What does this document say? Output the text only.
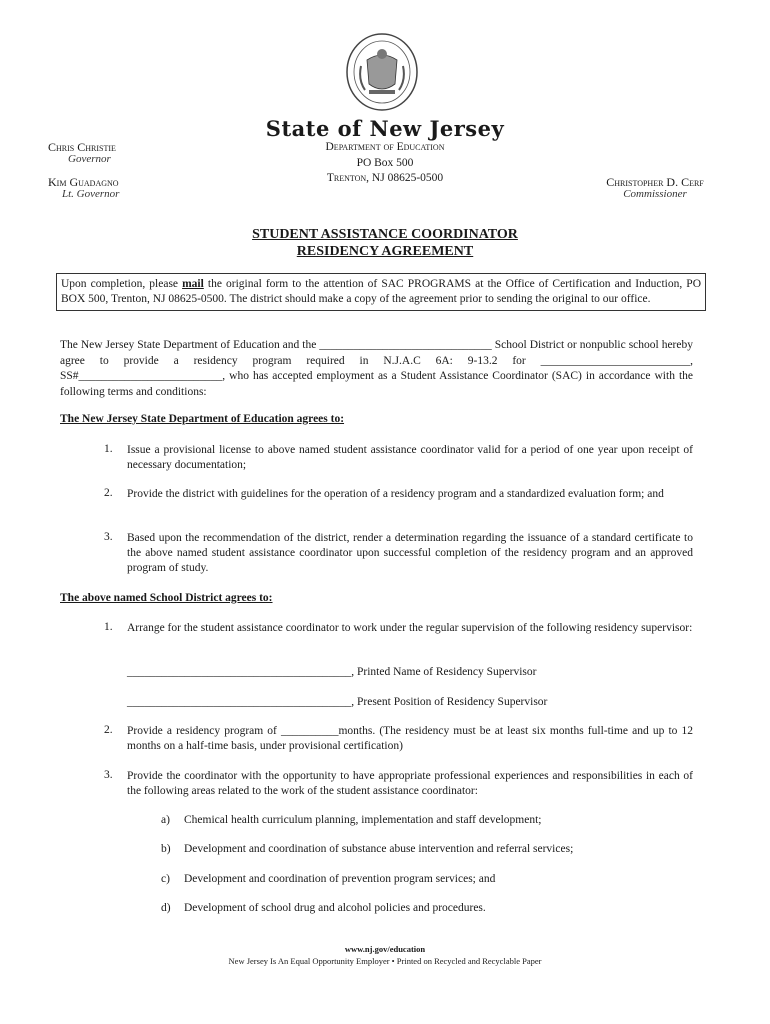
State of New Jersey
Chris Christie
Governor
Kim Guadagno
Lt. Governor
Department of Education
PO Box 500
Trenton, NJ 08625-0500	Christopher D. Cerf
Commissioner
STUDENT ASSISTANCE COORDINATOR
RESIDENCY AGREEMENT
Upon completion, please mail the original form to the attention of SAC PROGRAMS at the Office of Certification and Induction, PO BOX 500, Trenton, NJ 08625-0500. The district should make a copy of the agreement prior to sending the original to our office.
The New Jersey State Department of Education and the ______________________________ School District or nonpublic school hereby agree to provide a residency program required in N.J.A.C 6A: 9-13.2 for __________________________, SS#_________________________, who has accepted employment as a Student Assistance Coordinator (SAC) in accordance with the following terms and conditions:
The New Jersey State Department of Education agrees to:
1. Issue a provisional license to above named student assistance coordinator valid for a period of one year upon receipt of necessary documentation;
2. Provide the district with guidelines for the operation of a residency program and a standardized evaluation form; and
3. Based upon the recommendation of the district, render a determination regarding the issuance of a standard certificate to the above named student assistance coordinator upon successful completion of the residency program and an approved program of study.
The above named School District agrees to:
1. Arrange for the student assistance coordinator to work under the regular supervision of the following residency supervisor:
_______________________________________, Printed Name of Residency Supervisor
_______________________________________, Present Position of Residency Supervisor
2. Provide a residency program of __________months. (The residency must be at least six months full-time and up to 12 months on a half-time basis, under provisional certification)
3. Provide the coordinator with the opportunity to have appropriate professional experiences and responsibilities in each of the following areas related to the work of the student assistance coordinator:
a) Chemical health curriculum planning, implementation and staff development;
b) Development and coordination of substance abuse intervention and referral services;
c) Development and coordination of prevention program services; and
d) Development of school drug and alcohol policies and procedures.
www.nj.gov/education
New Jersey Is An Equal Opportunity Employer • Printed on Recycled and Recyclable Paper
